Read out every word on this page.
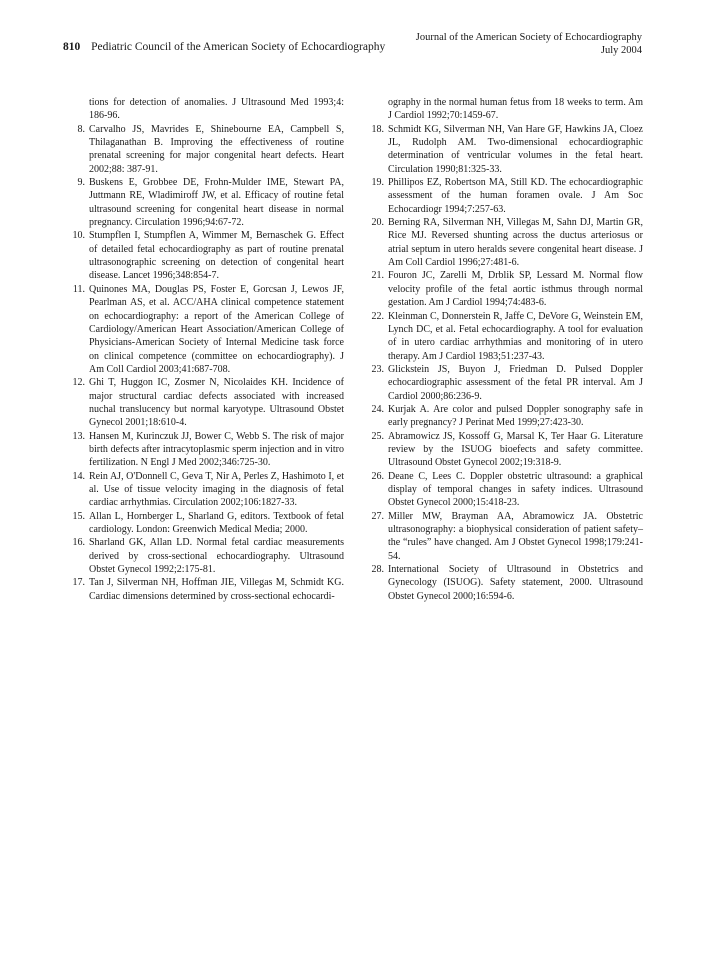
Journal of the American Society of Echocardiography
July 2004
810 Pediatric Council of the American Society of Echocardiography

tions for detection of anomalies. J Ultrasound Med 1993;4: 186-96.

8. Carvalho JS, Mavrides E, Shinebourne EA, Campbell S, Thilaganathan B. Improving the effectiveness of routine prenatal screening for major congenital heart defects. Heart 2002;88: 387-91.

9. Buskens E, Grobbee DE, Frohn-Mulder IME, Stewart PA, Juttmann RE, Wladimiroff JW, et al. Efficacy of routine fetal ultrasound screening for congenital heart disease in normal pregnancy. Circulation 1996;94:67-72.

10. Stumpflen I, Stumpflen A, Wimmer M, Bernaschek G. Effect of detailed fetal echocardiography as part of routine prenatal ultrasonographic screening on detection of congenital heart disease. Lancet 1996;348:854-7.

11. Quinones MA, Douglas PS, Foster E, Gorcsan J, Lewos JF, Pearlman AS, et al. ACC/AHA clinical competence statement on echocardiography: a report of the American College of Cardiology/American Heart Association/American College of Physicians-American Society of Internal Medicine task force on clinical competence (committee on echocardiography). J Am Coll Cardiol 2003;41:687-708.

12. Ghi T, Huggon IC, Zosmer N, Nicolaides KH. Incidence of major structural cardiac defects associated with increased nuchal translucency but normal karyotype. Ultrasound Obstet Gynecol 2001;18:610-4.

13. Hansen M, Kurinczuk JJ, Bower C, Webb S. The risk of major birth defects after intracytoplasmic sperm injection and in vitro fertilization. N Engl J Med 2002;346:725-30.

14. Rein AJ, O'Donnell C, Geva T, Nir A, Perles Z, Hashimoto I, et al. Use of tissue velocity imaging in the diagnosis of fetal cardiac arrhythmias. Circulation 2002;106:1827-33.

15. Allan L, Hornberger L, Sharland G, editors. Textbook of fetal cardiology. London: Greenwich Medical Media; 2000.

16. Sharland GK, Allan LD. Normal fetal cardiac measurements derived by cross-sectional echocardiography. Ultrasound Obstet Gynecol 1992;2:175-81.

17. Tan J, Silverman NH, Hoffman JIE, Villegas M, Schmidt KG. Cardiac dimensions determined by cross-sectional echocardi-

ography in the normal human fetus from 18 weeks to term. Am J Cardiol 1992;70:1459-67.

18. Schmidt KG, Silverman NH, Van Hare GF, Hawkins JA, Cloez JL, Rudolph AM. Two-dimensional echocardiographic determination of ventricular volumes in the fetal heart. Circulation 1990;81:325-33.

19. Phillipos EZ, Robertson MA, Still KD. The echocardiographic assessment of the human foramen ovale. J Am Soc Echocardiogr 1994;7:257-63.

20. Berning RA, Silverman NH, Villegas M, Sahn DJ, Martin GR, Rice MJ. Reversed shunting across the ductus arteriosus or atrial septum in utero heralds severe congenital heart disease. J Am Coll Cardiol 1996;27:481-6.

21. Fouron JC, Zarelli M, Drblik SP, Lessard M. Normal flow velocity profile of the fetal aortic isthmus through normal gestation. Am J Cardiol 1994;74:483-6.

22. Kleinman C, Donnerstein R, Jaffe C, DeVore G, Weinstein EM, Lynch DC, et al. Fetal echocardiography. A tool for evaluation of in utero cardiac arrhythmias and monitoring of in utero therapy. Am J Cardiol 1983;51:237-43.

23. Glickstein JS, Buyon J, Friedman D. Pulsed Doppler echocardiographic assessment of the fetal PR interval. Am J Cardiol 2000;86:236-9.

24. Kurjak A. Are color and pulsed Doppler sonography safe in early pregnancy? J Perinat Med 1999;27:423-30.

25. Abramowicz JS, Kossoff G, Marsal K, Ter Haar G. Literature review by the ISUOG bioefects and safety committee. Ultrasound Obstet Gynecol 2002;19:318-9.

26. Deane C, Lees C. Doppler obstetric ultrasound: a graphical display of temporal changes in safety indices. Ultrasound Obstet Gynecol 2000;15:418-23.

27. Miller MW, Brayman AA, Abramowicz JA. Obstetric ultrasonography: a biophysical consideration of patient safety–the “rules” have changed. Am J Obstet Gynecol 1998;179:241-54.

28. International Society of Ultrasound in Obstetrics and Gynecology (ISUOG). Safety statement, 2000. Ultrasound Obstet Gynecol 2000;16:594-6.
